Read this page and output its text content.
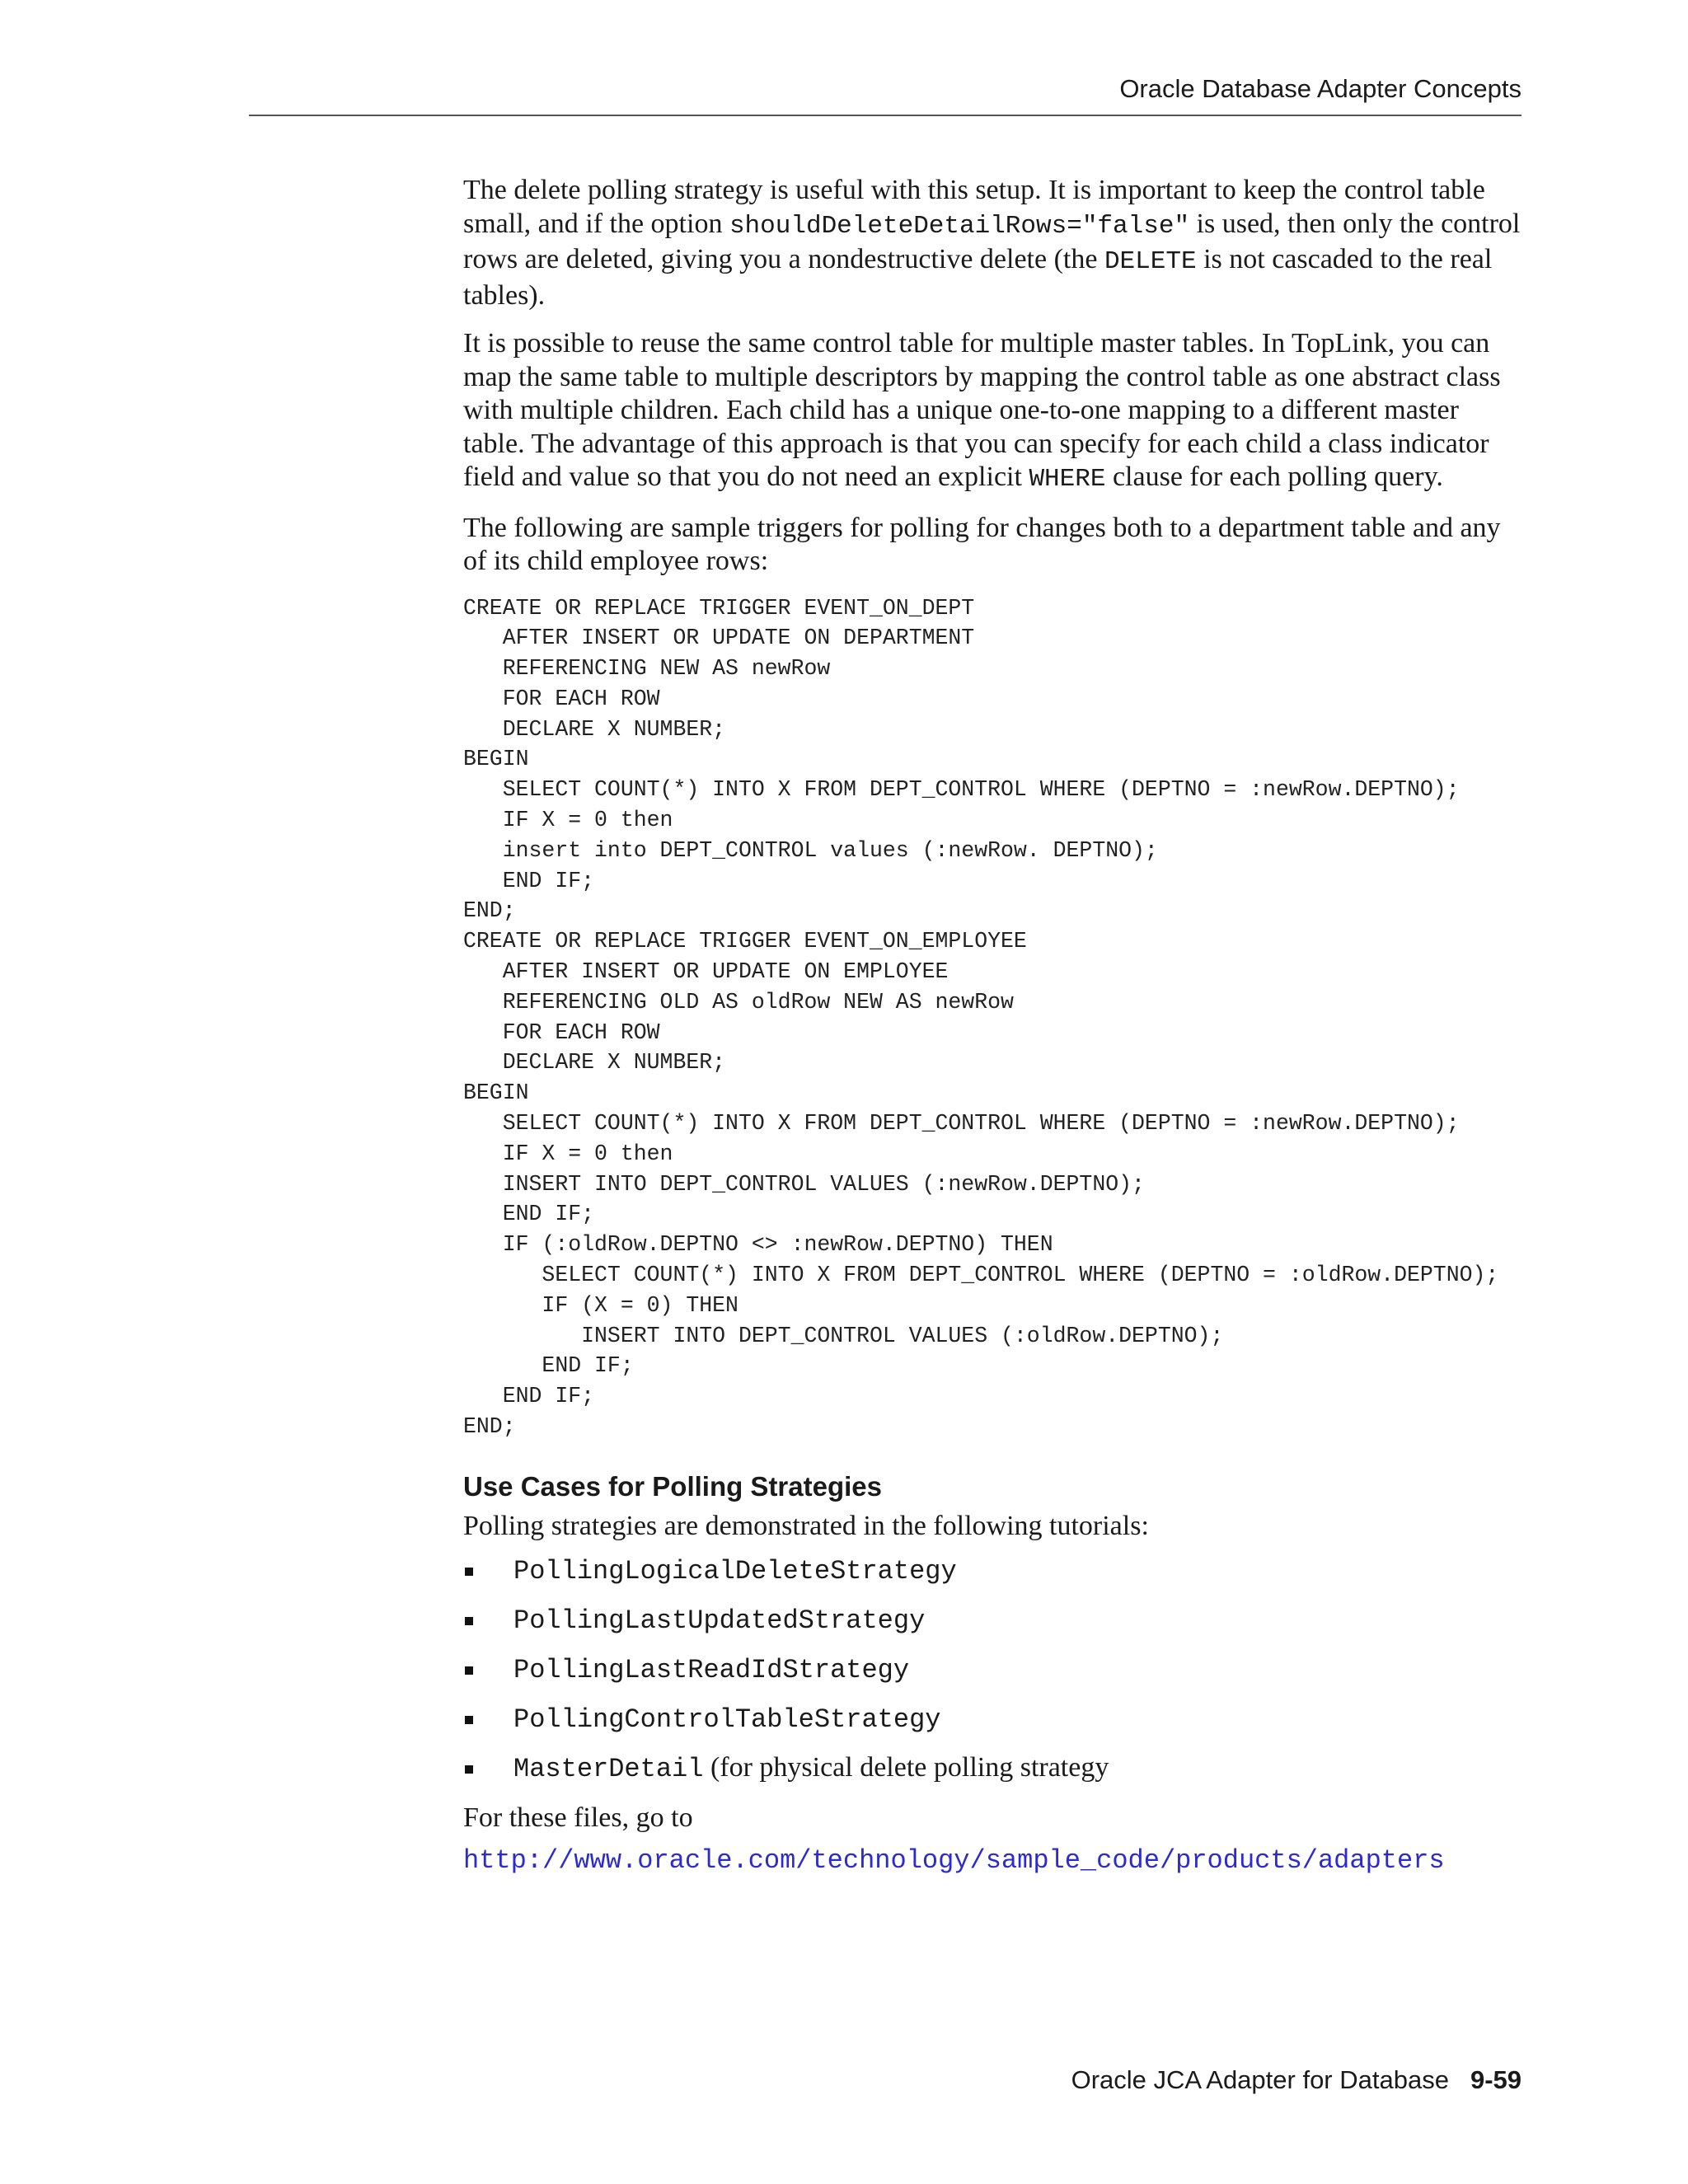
Oracle Database Adapter Concepts

The delete polling strategy is useful with this setup. It is important to keep the control table small, and if the option shouldDeleteDetailRows="false" is used, then only the control rows are deleted, giving you a nondestructive delete (the DELETE is not cascaded to the real tables).

It is possible to reuse the same control table for multiple master tables. In TopLink, you can map the same table to multiple descriptors by mapping the control table as one abstract class with multiple children. Each child has a unique one-to-one mapping to a different master table. The advantage of this approach is that you can specify for each child a class indicator field and value so that you do not need an explicit WHERE clause for each polling query.

The following are sample triggers for polling for changes both to a department table and any of its child employee rows:

CREATE OR REPLACE TRIGGER EVENT_ON_DEPT
AFTER INSERT OR UPDATE ON DEPARTMENT
REFERENCING NEW AS newRow
FOR EACH ROW
DECLARE X NUMBER;
BEGIN
SELECT COUNT(*) INTO X FROM DEPT_CONTROL WHERE (DEPTNO = :newRow.DEPTNO);
IF X = 0 then
insert into DEPT_CONTROL values (:newRow. DEPTNO);
END IF;
END;
CREATE OR REPLACE TRIGGER EVENT_ON_EMPLOYEE
AFTER INSERT OR UPDATE ON EMPLOYEE
REFERENCING OLD AS oldRow NEW AS newRow
FOR EACH ROW
DECLARE X NUMBER;
BEGIN
SELECT COUNT(*) INTO X FROM DEPT_CONTROL WHERE (DEPTNO = :newRow.DEPTNO);
IF X = 0 then
INSERT INTO DEPT_CONTROL VALUES (:newRow.DEPTNO);
END IF;
IF (:oldRow.DEPTNO <> :newRow.DEPTNO) THEN
SELECT COUNT(*) INTO X FROM DEPT_CONTROL WHERE (DEPTNO = :oldRow.DEPTNO);
IF (X = 0) THEN
INSERT INTO DEPT_CONTROL VALUES (:oldRow.DEPTNO);
END IF;
END IF;
END;
Use Cases for Polling Strategies

Polling strategies are demonstrated in the following tutorials:

PollingLogicalDeleteStrategy
PollingLastUpdatedStrategy
PollingLastReadIdStrategy
PollingControlTableStrategy
MasterDetail (for physical delete polling strategy

For these files, go to

http://www.oracle.com/technology/sample_code/products/adapters
Oracle JCA Adapter for Database 9-59
